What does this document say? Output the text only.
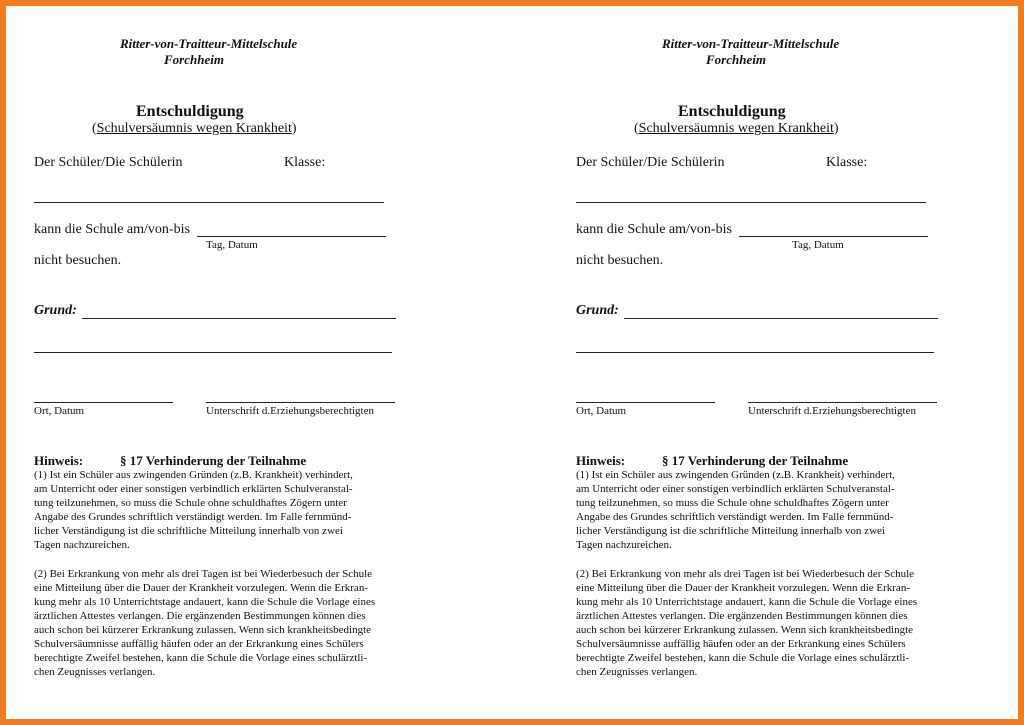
Ritter-von-Traitteur-Mittelschule
Forchheim
Entschuldigung
(Schulversäumnis wegen Krankheit)
Der Schüler/Die Schülerin	Klasse:
kann die Schule am/von-bis
Tag, Datum
nicht besuchen.
Grund:
Ort, Datum	Unterschrift d.Erziehungsberechtigten
Hinweis:	§ 17 Verhinderung der Teilnahme
(1) Ist ein Schüler aus zwingenden Gründen (z.B. Krankheit) verhindert,
am Unterricht oder einer sonstigen verbindlich erklärten Schulveranstal-
tung teilzunehmen, so muss die Schule ohne schuldhaftes Zögern unter
Angabe des Grundes schriftlich verständigt werden. Im Falle fernmünd-
licher Verständigung ist die schriftliche Mitteilung innerhalb von zwei
Tagen nachzureichen.
(2) Bei Erkrankung von mehr als drei Tagen ist bei Wiederbesuch der Schule
eine Mitteilung über die Dauer der Krankheit vorzulegen. Wenn die Erkran-
kung mehr als 10 Unterrichtstage andauert, kann die Schule die Vorlage eines
ärztlichen Attestes verlangen. Die ergänzenden Bestimmungen können dies
auch schon bei kürzerer Erkrankung zulassen. Wenn sich krankheitsbedingte
Schulversäumnisse auffällig häufen oder an der Erkrankung eines Schülers
berechtigte Zweifel bestehen, kann die Schule die Vorlage eines schulärztli-
chen Zeugnisses verlangen.
Ritter-von-Traitteur-Mittelschule
Forchheim
Entschuldigung
(Schulversäumnis wegen Krankheit)
Der Schüler/Die Schülerin	Klasse:
kann die Schule am/von-bis
Tag, Datum
nicht besuchen.
Grund:
Ort, Datum	Unterschrift d.Erziehungsberechtigten
Hinweis:	§ 17 Verhinderung der Teilnahme
(1) Ist ein Schüler aus zwingenden Gründen (z.B. Krankheit) verhindert,
am Unterricht oder einer sonstigen verbindlich erklärten Schulveranstal-
tung teilzunehmen, so muss die Schule ohne schuldhaftes Zögern unter
Angabe des Grundes schriftlich verständigt werden. Im Falle fernmünd-
licher Verständigung ist die schriftliche Mitteilung innerhalb von zwei
Tagen nachzureichen.
(2) Bei Erkrankung von mehr als drei Tagen ist bei Wiederbesuch der Schule
eine Mitteilung über die Dauer der Krankheit vorzulegen. Wenn die Erkran-
kung mehr als 10 Unterrichtstage andauert, kann die Schule die Vorlage eines
ärztlichen Attestes verlangen. Die ergänzenden Bestimmungen können dies
auch schon bei kürzerer Erkrankung zulassen. Wenn sich krankheitsbedingte
Schulversäumnisse auffällig häufen oder an der Erkrankung eines Schülers
berechtigte Zweifel bestehen, kann die Schule die Vorlage eines schulärztli-
chen Zeugnisses verlangen.
